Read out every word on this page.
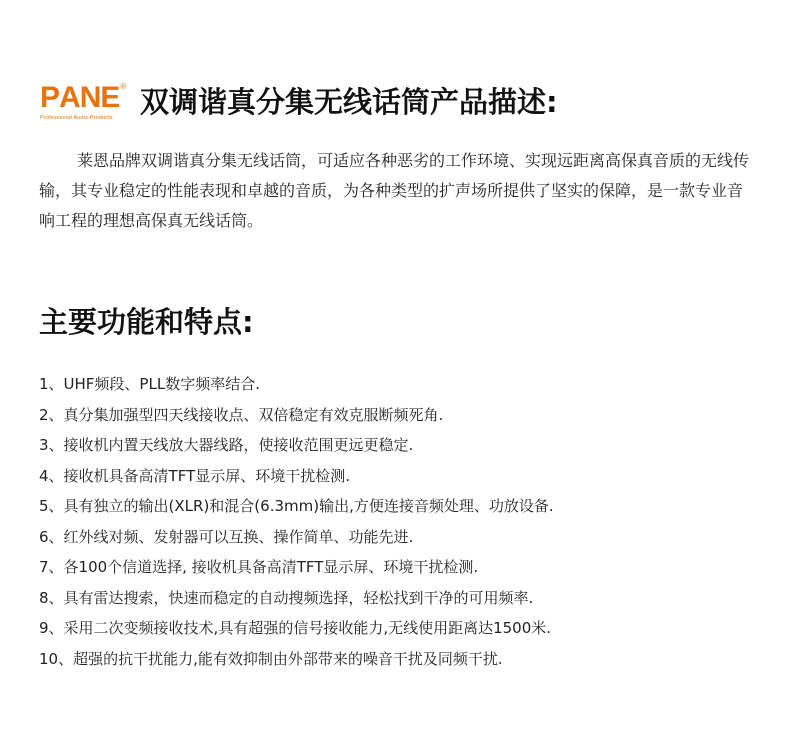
P A N E ®
Professional Audio Products 双调谐真分集无线话筒产品描述:

莱恩品牌双调谐真分集无线话筒，可适应各种恶劣的工作环境、实现远距离高保真音质的无线传输，其专业稳定的性能表现和卓越的音质，为各种类型的扩声场所提供了坚实的保障，是一款专业音响工程的理想高保真无线话筒。

主要功能和特点:
1、UHF频段、PLL数字频率结合.
2、真分集加强型四天线接收点、双倍稳定有效克服断频死角.
3、接收机内置天线放大器线路，使接收范围更远更稳定.
4、接收机具备高清TFT显示屏、环境干扰检测.
5、具有独立的输出(XLR)和混合(6.3mm)输出,方便连接音频处理、功放设备.
6、红外线对频、发射器可以互换、操作简单、功能先进.
7、各100个信道选择, 接收机具备高清TFT显示屏、环境干扰检测.
8、具有雷达搜索，快速而稳定的自动搜频选择，轻松找到干净的可用频率.
9、采用二次变频接收技术,具有超强的信号接收能力,无线使用距离达1500米.
10、超强的抗干扰能力,能有效抑制由外部带来的噪音干扰及同频干扰.
